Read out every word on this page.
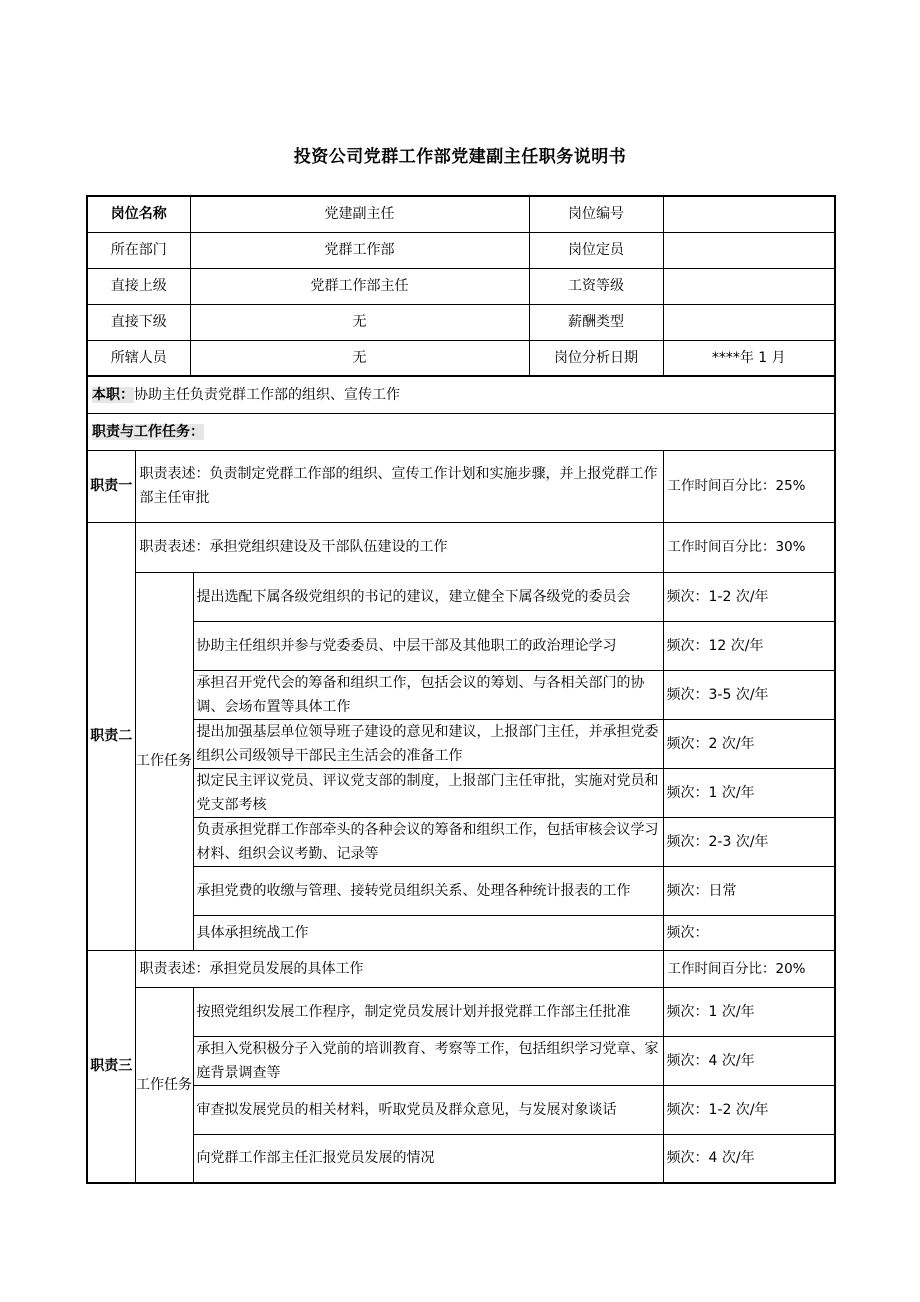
投资公司党群工作部党建副主任职务说明书
岗位名称	党建副主任	岗位编号	
所在部门	党群工作部	岗位定员	
直接上级	党群工作部主任	工资等级	
直接下级	无	薪酬类型	
所辖人员	无	岗位分析日期	****年 1 月
本职：协助主任负责党群工作部的组织、宣传工作			
职责与工作任务：			
职责一	职责表述：负责制定党群工作部的组织、宣传工作计划和实施步骤，并上报党群工作部主任审批		工作时间百分比：25%
职责二	职责表述：承担党组织建设及干部队伍建设的工作		工作时间百分比：30%
	工作任务	提出选配下属各级党组织的书记的建议，建立健全下属各级党的委员会	频次：1-2 次/年
		协助主任组织并参与党委委员、中层干部及其他职工的政治理论学习	频次：12 次/年
		承担召开党代会的筹备和组织工作，包括会议的筹划、与各相关部门的协调、会场布置等具体工作	频次：3-5 次/年
		提出加强基层单位领导班子建设的意见和建议，上报部门主任，并承担党委组织公司级领导干部民主生活会的准备工作	频次：2 次/年
		拟定民主评议党员、评议党支部的制度，上报部门主任审批，实施对党员和党支部考核	频次：1 次/年
		负责承担党群工作部牵头的各种会议的筹备和组织工作，包括审核会议学习材料、组织会议考勤、记录等	频次：2-3 次/年
		承担党费的收缴与管理、接转党员组织关系、处理各种统计报表的工作	频次：日常
		具体承担统战工作	频次：
职责三	职责表述：承担党员发展的具体工作		工作时间百分比：20%
	工作任务	按照党组织发展工作程序，制定党员发展计划并报党群工作部主任批准	频次：1 次/年
		承担入党积极分子入党前的培训教育、考察等工作，包括组织学习党章、家庭背景调查等	频次：4 次/年
		审查拟发展党员的相关材料，听取党员及群众意见，与发展对象谈话	频次：1-2 次/年
		向党群工作部主任汇报党员发展的情况	频次：4 次/年
